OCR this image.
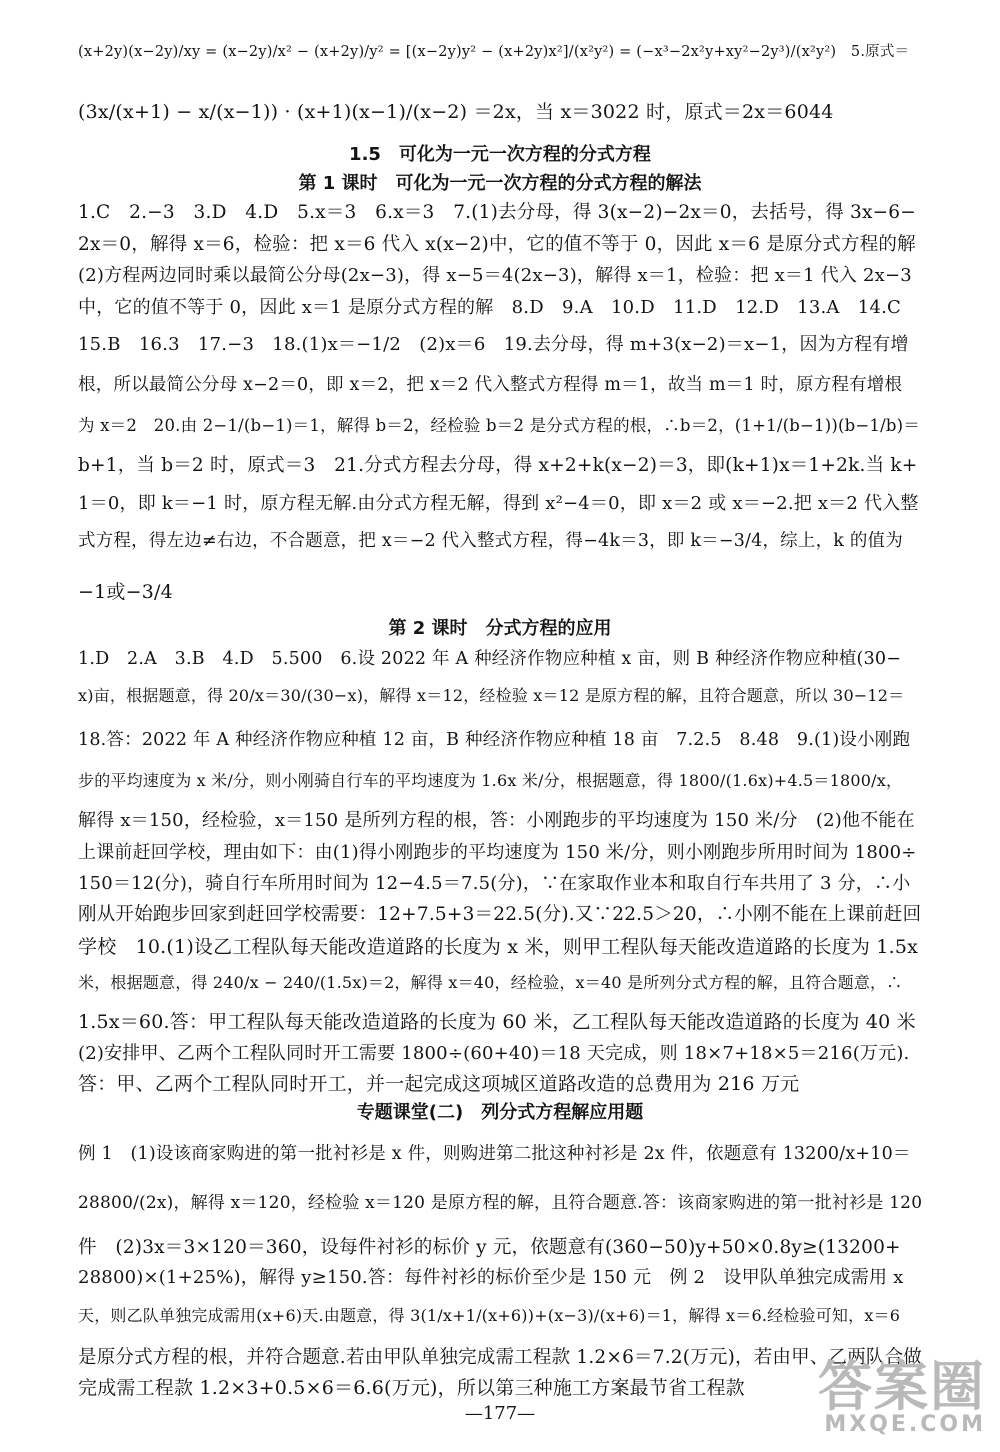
(x+2y)(x−2y)/xy = (x−2y)/x² − (x+2y)/y² = [(x−2y)y² − (x+2y)x²]/(x²y²) = (−x³−2x²y+xy²−2y³)/(x²y²)　5.原式＝
(3x/(x+1) − x/(x−1)) · (x+1)(x−1)/(x−2) ＝2x，当 x＝3022 时，原式＝2x＝6044
1.5　可化为一元一次方程的分式方程
第 1 课时　可化为一元一次方程的分式方程的解法
1.C　2.−3　3.D　4.D　5.x＝3　6.x＝3　7.(1)去分母，得 3(x−2)−2x＝0，去括号，得 3x−6−
2x＝0，解得 x＝6，检验：把 x＝6 代入 x(x−2)中，它的值不等于 0，因此 x＝6 是原分式方程的解
(2)方程两边同时乘以最简公分母(2x−3)，得 x−5＝4(2x−3)，解得 x＝1，检验：把 x＝1 代入 2x−3
中，它的值不等于 0，因此 x＝1 是原分式方程的解　8.D　9.A　10.D　11.D　12.D　13.A　14.C
15.B　16.3　17.−3　18.(1)x＝−1/2　(2)x＝6　19.去分母，得 m+3(x−2)＝x−1，因为方程有增
根，所以最简公分母 x−2＝0，即 x＝2，把 x＝2 代入整式方程得 m＝1，故当 m＝1 时，原方程有增根
为 x＝2　20.由 2−1/(b−1)＝1，解得 b＝2，经检验 b＝2 是分式方程的根，∴b＝2，(1+1/(b−1))(b−1/b)＝
b+1，当 b＝2 时，原式＝3　21.分式方程去分母，得 x+2+k(x−2)＝3，即(k+1)x＝1+2k.当 k+
1＝0，即 k＝−1 时，原方程无解.由分式方程无解，得到 x²−4＝0，即 x＝2 或 x＝−2.把 x＝2 代入整
式方程，得左边≠右边，不合题意，把 x＝−2 代入整式方程，得−4k＝3，即 k＝−3/4，综上，k 的值为
−1或−3/4
第 2 课时　分式方程的应用
1.D　2.A　3.B　4.D　5.500　6.设 2022 年 A 种经济作物应种植 x 亩，则 B 种经济作物应种植(30−
x)亩，根据题意，得 20/x＝30/(30−x)，解得 x＝12，经检验 x＝12 是原方程的解，且符合题意，所以 30−12＝
18.答：2022 年 A 种经济作物应种植 12 亩，B 种经济作物应种植 18 亩　7.2.5　8.48　9.(1)设小刚跑
步的平均速度为 x 米/分，则小刚骑自行车的平均速度为 1.6x 米/分，根据题意，得 1800/(1.6x)+4.5＝1800/x，
解得 x＝150，经检验，x＝150 是所列方程的根，答：小刚跑步的平均速度为 150 米/分　(2)他不能在
上课前赶回学校，理由如下：由(1)得小刚跑步的平均速度为 150 米/分，则小刚跑步所用时间为 1800÷
150＝12(分)，骑自行车所用时间为 12−4.5＝7.5(分)，∵在家取作业本和取自行车共用了 3 分，∴小
刚从开始跑步回家到赶回学校需要：12+7.5+3＝22.5(分).又∵22.5＞20，∴小刚不能在上课前赶回
学校　10.(1)设乙工程队每天能改造道路的长度为 x 米，则甲工程队每天能改造道路的长度为 1.5x
米，根据题意，得 240/x − 240/(1.5x)＝2，解得 x＝40，经检验，x＝40 是所列分式方程的解，且符合题意，∴
1.5x＝60.答：甲工程队每天能改造道路的长度为 60 米，乙工程队每天能改造道路的长度为 40 米
(2)安排甲、乙两个工程队同时开工需要 1800÷(60+40)＝18 天完成，则 18×7+18×5＝216(万元).
答：甲、乙两个工程队同时开工，并一起完成这项城区道路改造的总费用为 216 万元
专题课堂(二)　列分式方程解应用题
例 1　(1)设该商家购进的第一批衬衫是 x 件，则购进第二批这种衬衫是 2x 件，依题意有 13200/x+10＝
28800/(2x)，解得 x＝120，经检验 x＝120 是原方程的解，且符合题意.答：该商家购进的第一批衬衫是 120
件　(2)3x＝3×120＝360，设每件衬衫的标价 y 元，依题意有(360−50)y+50×0.8y≥(13200+
28800)×(1+25%)，解得 y≥150.答：每件衬衫的标价至少是 150 元　例 2　设甲队单独完成需用 x
天，则乙队单独完成需用(x+6)天.由题意，得 3(1/x+1/(x+6))+(x−3)/(x+6)＝1，解得 x＝6.经检验可知，x＝6
是原分式方程的根，并符合题意.若由甲队单独完成需工程款 1.2×6＝7.2(万元)，若由甲、乙两队合做
完成需工程款 1.2×3+0.5×6＝6.6(万元)，所以第三种施工方案最节省工程款
—177—	答案圈
MXQE.COM
